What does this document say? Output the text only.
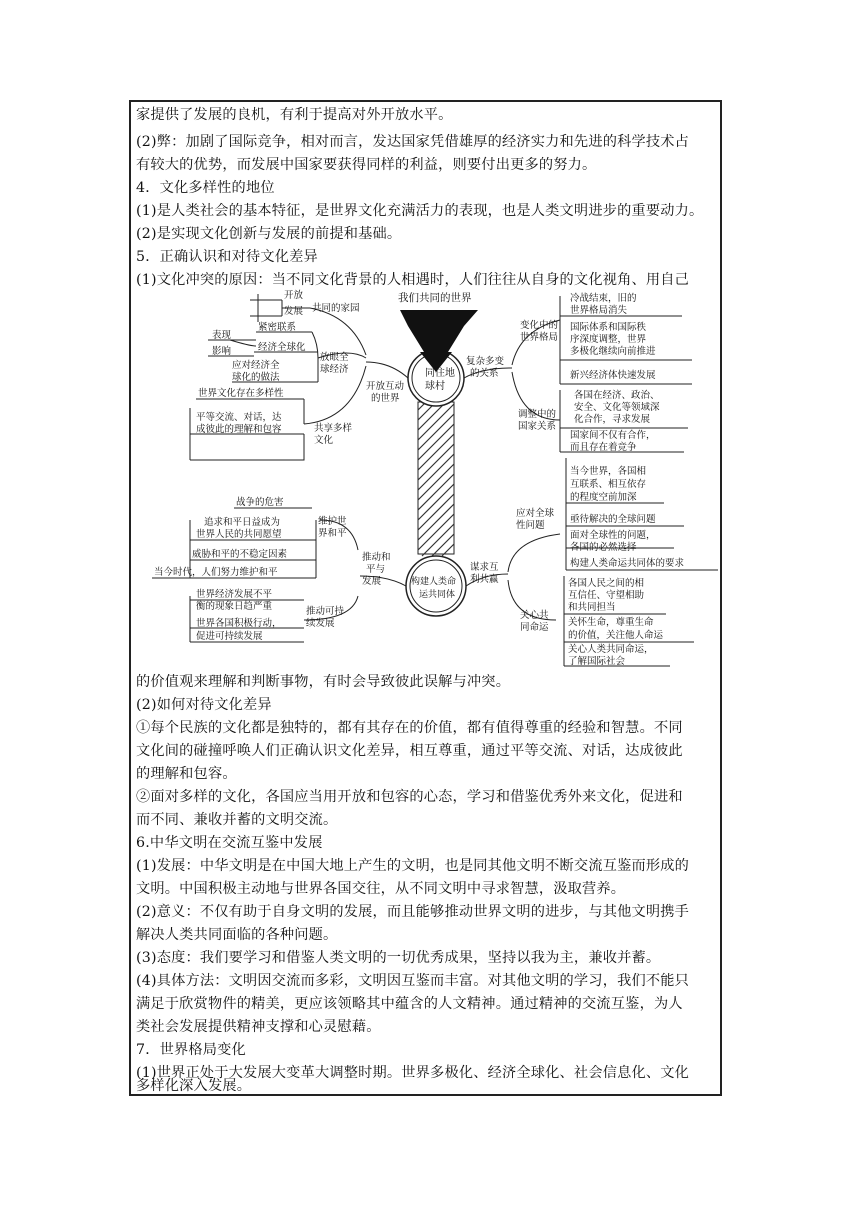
家提供了发展的良机，有利于提高对外开放水平。
(2)弊：加剧了国际竞争，相对而言，发达国家凭借雄厚的经济实力和先进的科学技术占
有较大的优势，而发展中国家要获得同样的利益，则要付出更多的努力。
4．文化多样性的地位
(1)是人类社会的基本特征，是世界文化充满活力的表现，也是人类文明进步的重要动力。
(2)是实现文化创新与发展的前提和基础。
5．正确认识和对待文化差异
(1)文化冲突的原因：当不同文化背景的人相遇时，人们往往从自身的文化视角、用自己
我们共同的世界
同住地
球村
构建人类命
运共同体
开放互动
的世界
共同的家园
开放
发展
紧密联系
表现
影响	经济全球化
放眼全
球经济
应对经济全
球化的做法
世界文化存在多样性
平等交流、对话，达
成彼此的理解和包容	共享多样
文化
复杂多变
的关系
变化中的
世界格局
冷战结束，旧的
世界格局消失
国际体系和国际秩
序深度调整，世界
多极化继续向前推进
新兴经济体快速发展
调整中的
国家关系
各国在经济、政治、
安全、文化等领域深
化合作，寻求发展
国家间不仅有合作，
而且存在着竞争
战争的危害
追求和平日益成为
世界人民的共同愿望
维护世
界和平
威胁和平的不稳定因素
当今时代，人们努力维护和平
推动和
平与
发展
世界经济发展不平
衡的现象日趋严重	推动可持
续发展
世界各国积极行动，
促进可持续发展
谋求互
利共赢
应对全球
性问题
当今世界，各国相
互联系、相互依存
的程度空前加深
亟待解决的全球问题
面对全球性的问题，
各国的必然选择
构建人类命运共同体的要求
关心共
同命运
各国人民之间的相
互信任、守望相助
和共同担当
关怀生命，尊重生命
的价值，关注他人命运
关心人类共同命运，
了解国际社会
的价值观来理解和判断事物，有时会导致彼此误解与冲突。
(2)如何对待文化差异
①每个民族的文化都是独特的，都有其存在的价值，都有值得尊重的经验和智慧。不同
文化间的碰撞呼唤人们正确认识文化差异，相互尊重，通过平等交流、对话，达成彼此
的理解和包容。
②面对多样的文化，各国应当用开放和包容的心态，学习和借鉴优秀外来文化，促进和
而不同、兼收并蓄的文明交流。
6.中华文明在交流互鉴中发展
(1)发展：中华文明是在中国大地上产生的文明，也是同其他文明不断交流互鉴而形成的
文明。中国积极主动地与世界各国交往，从不同文明中寻求智慧，汲取营养。
(2)意义：不仅有助于自身文明的发展，而且能够推动世界文明的进步，与其他文明携手
解决人类共同面临的各种问题。
(3)态度：我们要学习和借鉴人类文明的一切优秀成果，坚持以我为主，兼收并蓄。
(4)具体方法：文明因交流而多彩，文明因互鉴而丰富。对其他文明的学习，我们不能只
满足于欣赏物件的精美，更应该领略其中蕴含的人文精神。通过精神的交流互鉴，为人
类社会发展提供精神支撑和心灵慰藉。
7．世界格局变化
(1)世界正处于大发展大变革大调整时期。世界多极化、经济全球化、社会信息化、文化
多样化深入发展。
